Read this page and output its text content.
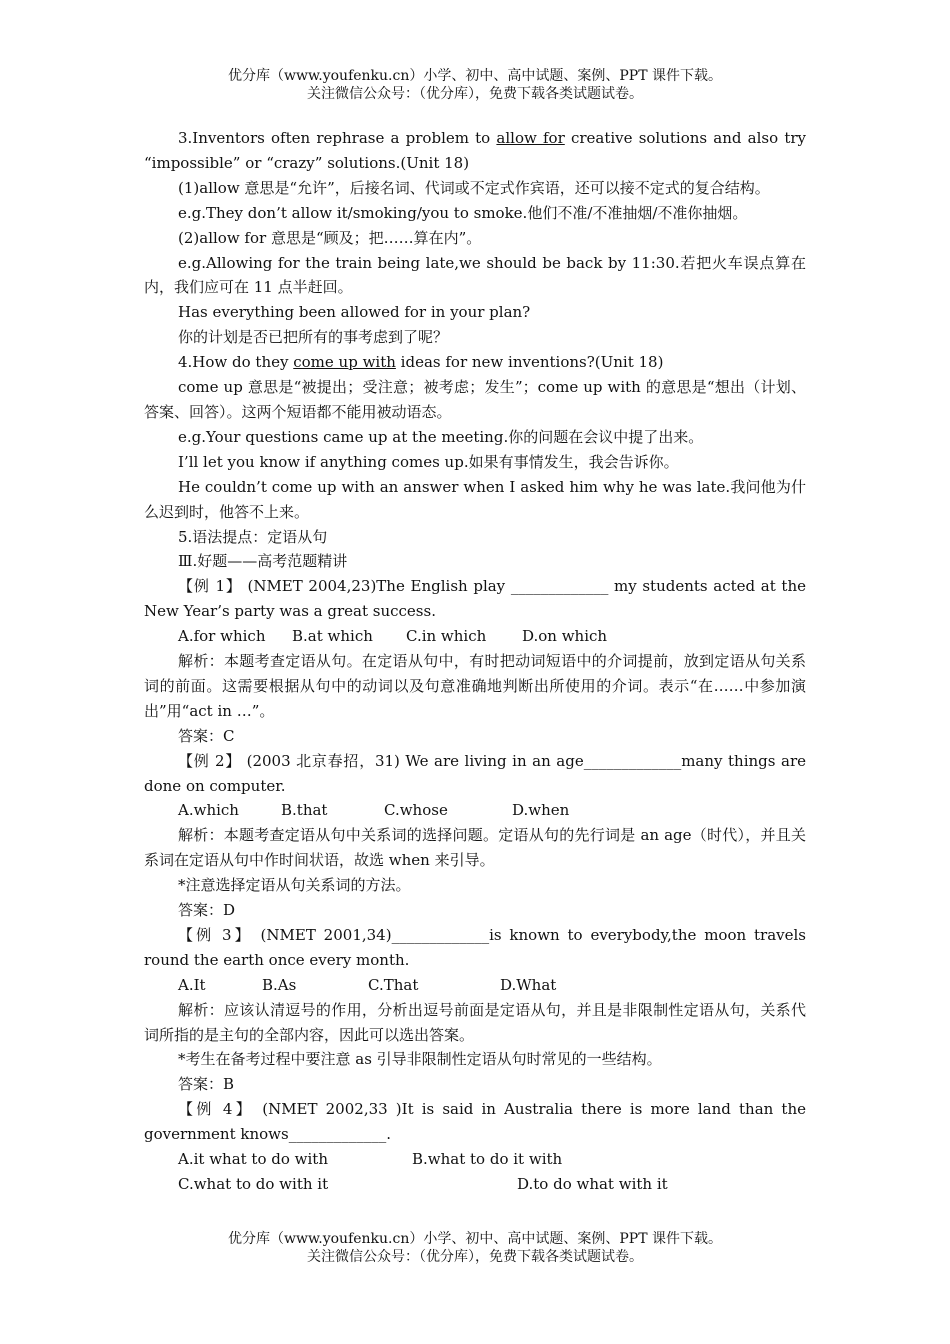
优分库（www.youfenku.cn）小学、初中、高中试题、案例、PPT 课件下载。
关注微信公众号：（优分库），免费下载各类试题试卷。

3.Inventors often rephrase a problem to allow for creative solutions and also try “impossible” or “crazy” solutions.(Unit 18)

(1)allow 意思是“允许”，后接名词、代词或不定式作宾语，还可以接不定式的复合结构。

e.g.They don’t allow it/smoking/you to smoke.他们不准/不准抽烟/不准你抽烟。

(2)allow for 意思是“顾及；把……算在内”。

e.g.Allowing for the train being late,we should be back by 11:30.若把火车误点算在内，我们应可在 11 点半赶回。

Has everything been allowed for in your plan?

你的计划是否已把所有的事考虑到了呢？

4.How do they come up with ideas for new inventions?(Unit 18)

come up 意思是“被提出；受注意；被考虑；发生”；come up with 的意思是“想出（计划、答案、回答）。这两个短语都不能用被动语态。

e.g.Your questions came up at the meeting.你的问题在会议中提了出来。

I’ll let you know if anything comes up.如果有事情发生，我会告诉你。

He couldn’t come up with an answer when I asked him why he was late.我问他为什么迟到时，他答不上来。

5.语法提点：定语从句

Ⅲ.好题——高考范题精讲

【例 1】 (NMET 2004,23)The English play _____________ my students acted at the New Year’s party was a great success.

A.for which B.at which C.in which D.on which

解析：本题考查定语从句。在定语从句中，有时把动词短语中的介词提前，放到定语从句关系词的前面。这需要根据从句中的动词以及句意准确地判断出所使用的介词。表示“在……中参加演出”用“act in …”。

答案：C

【例 2】 (2003 北京春招，31) We are living in an age_____________many things are done on computer.

A.which	B.that	C.whose	D.when

解析：本题考查定语从句中关系词的选择问题。定语从句的先行词是 an age（时代），并且关系词在定语从句中作时间状语，故选 when 来引导。

*注意选择定语从句关系词的方法。

答案：D

【例 3】 (NMET 2001,34)_____________is known to everybody,the moon travels round the earth once every month.

A.It	B.As	C.That	D.What

解析：应该认清逗号的作用，分析出逗号前面是定语从句，并且是非限制性定语从句，关系代词所指的是主句的全部内容，因此可以选出答案。

*考生在备考过程中要注意 as 引导非限制性定语从句时常见的一些结构。

答案：B

【例 4】 (NMET 2002,33 )It is said in Australia there is more land than the government knows_____________.

A.it what to do with	B.what to do it with
C.what to do with it	D.to do what with it
优分库（www.youfenku.cn）小学、初中、高中试题、案例、PPT 课件下载。
关注微信公众号：（优分库），免费下载各类试题试卷。
